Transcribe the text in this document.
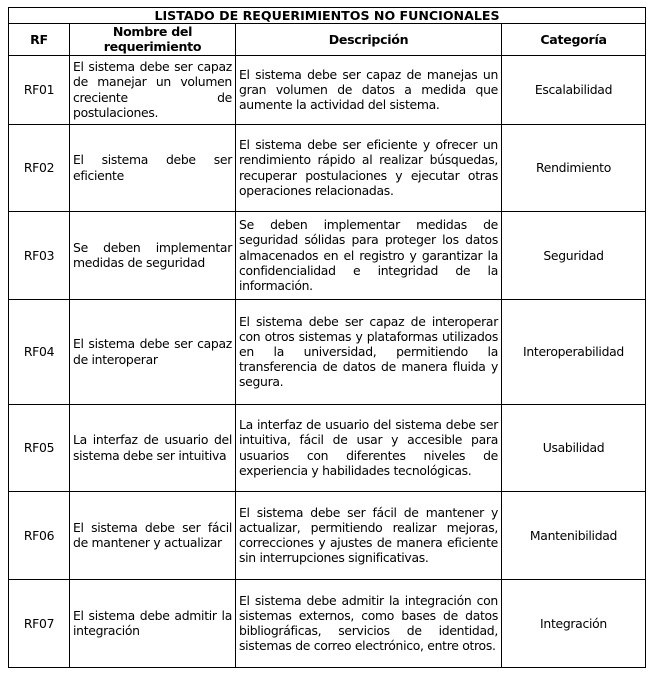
LISTADO DE REQUERIMIENTOS NO FUNCIONALES			
RF	Nombre del requerimiento	Descripción	Categoría
RF01	El sistema debe ser capaz de manejar un volumen creciente de postulaciones.	El sistema debe ser capaz de manejas un gran volumen de datos a medida que aumente la actividad del sistema.	Escalabilidad
RF02	El sistema debe ser eficiente	El sistema debe ser eficiente y ofrecer un rendimiento rápido al realizar búsquedas, recuperar postulaciones y ejecutar otras operaciones relacionadas.	Rendimiento
RF03	Se deben implementar medidas de seguridad	Se deben implementar medidas de seguridad sólidas para proteger los datos almacenados en el registro y garantizar la confidencialidad e integridad de la información.	Seguridad
RF04	El sistema debe ser capaz de interoperar	El sistema debe ser capaz de interoperar con otros sistemas y plataformas utilizados en la universidad, permitiendo la transferencia de datos de manera fluida y segura.	Interoperabilidad
RF05	La interfaz de usuario del sistema debe ser intuitiva	La interfaz de usuario del sistema debe ser intuitiva, fácil de usar y accesible para usuarios con diferentes niveles de experiencia y habilidades tecnológicas.	Usabilidad
RF06	El sistema debe ser fácil de mantener y actualizar	El sistema debe ser fácil de mantener y actualizar, permitiendo realizar mejoras, correcciones y ajustes de manera eficiente sin interrupciones significativas.	Mantenibilidad
RF07	El sistema debe admitir la integración	El sistema debe admitir la integración con sistemas externos, como bases de datos bibliográficas, servicios de identidad, sistemas de correo electrónico, entre otros.	Integración
